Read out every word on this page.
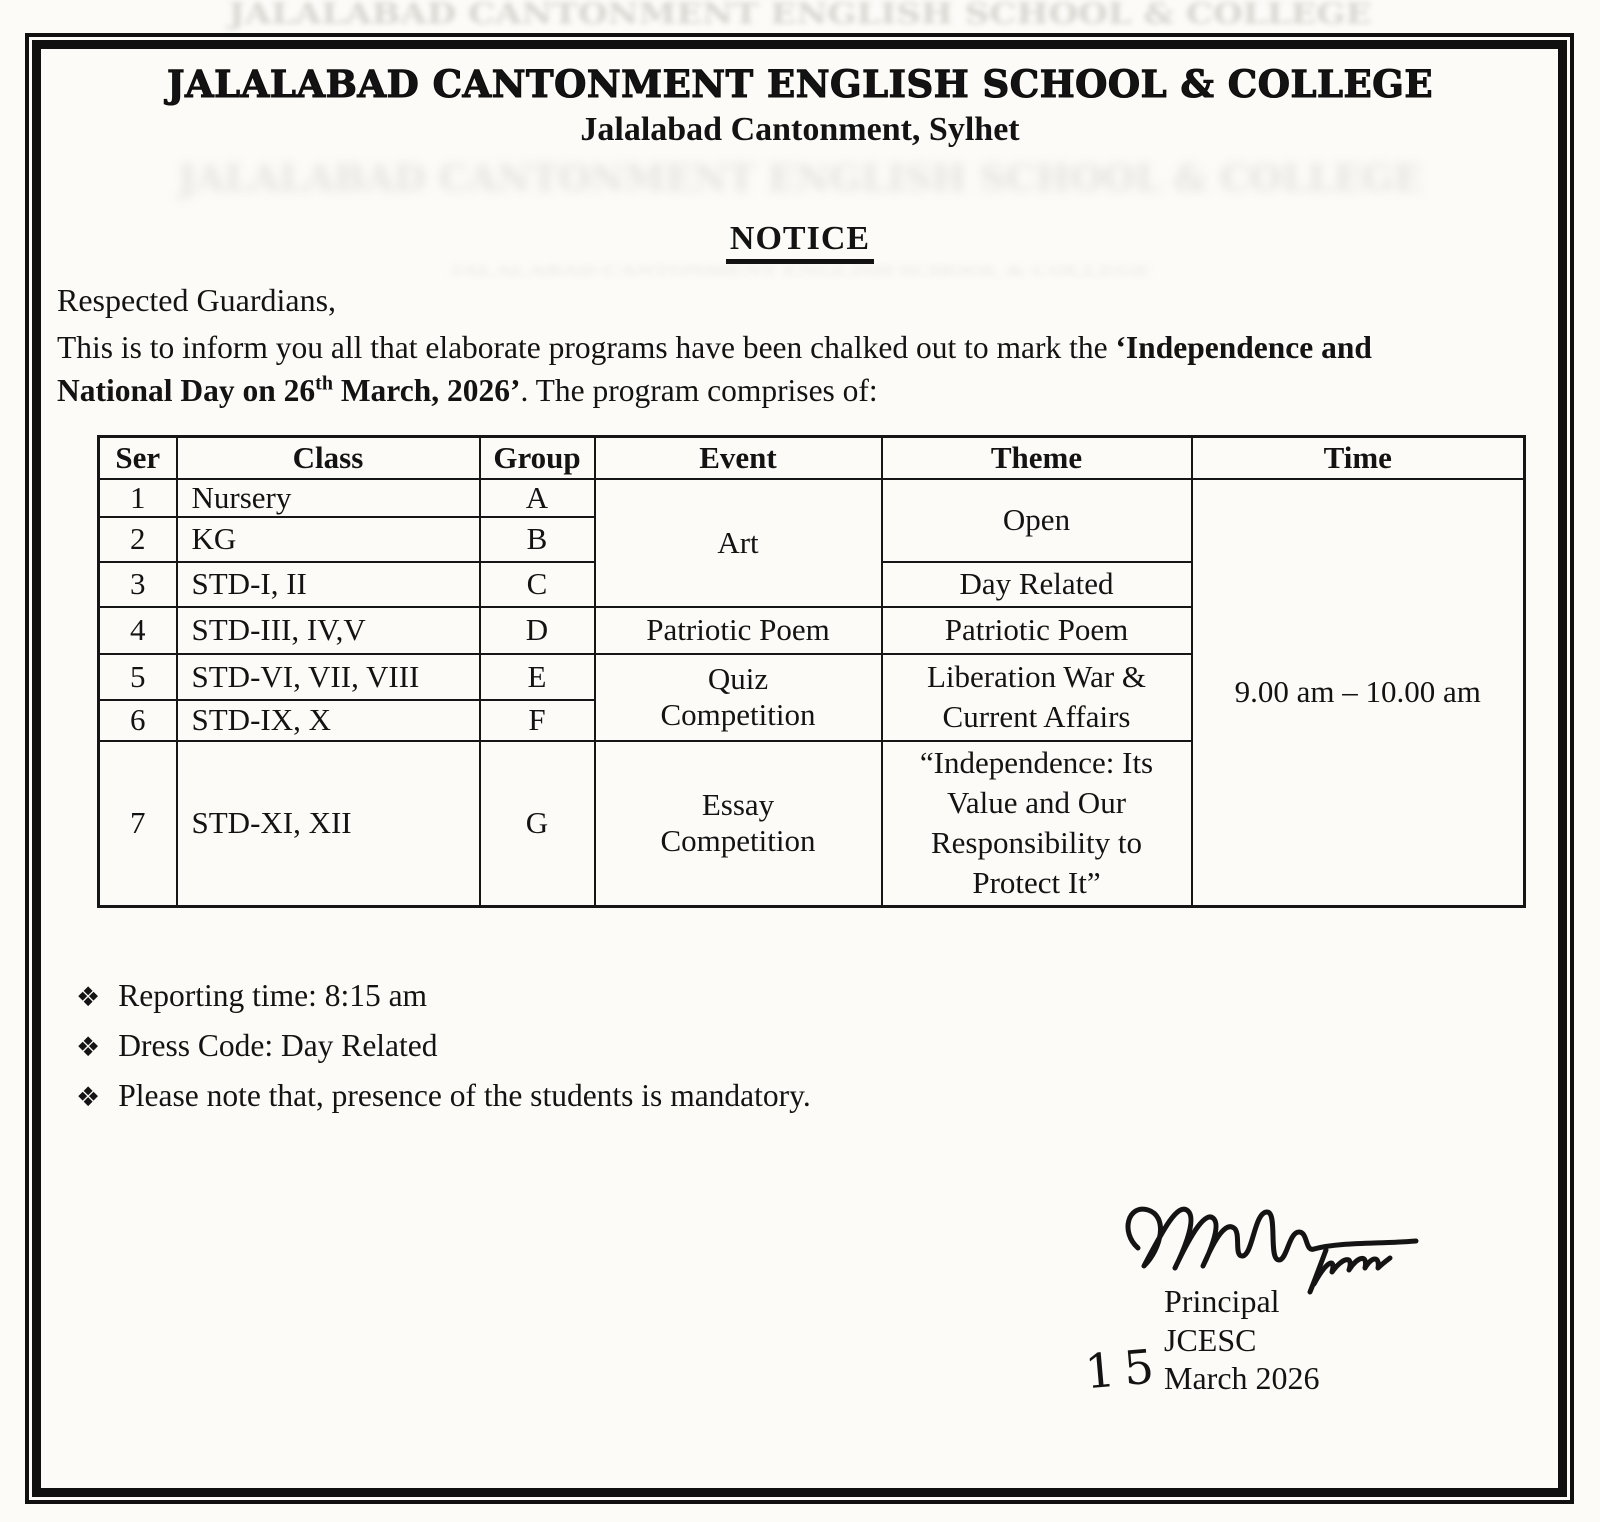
JALALABAD CANTONMENT ENGLISH SCHOOL & COLLEGE
JALALABAD CANTONMENT ENGLISH SCHOOL & COLLEGE
Jalalabad Cantonment, Sylhet
JALALABAD CANTONMENT ENGLISH SCHOOL & COLLEGE
NOTICE
JALALABAD CANTONMENT ENGLISH SCHOOL & COLLEGE
Respected Guardians,
This is to inform you all that elaborate programs have been chalked out to mark the ‘Independence and
National Day on 26th March, 2026’. The program comprises of:
Ser	Class	Group	Event	Theme	Time
1	Nursery	A	Art	Open	9.00 am – 10.00 am
2	KG	B			
3	STD-I, II	C		Day Related	
4	STD-III, IV,V	D	Patriotic Poem	Patriotic Poem	
5	STD-VI, VII, VIII	E	Quiz Competition	Liberation War & Current Affairs	
6	STD-IX, X	F			
7	STD-XI, XII	G	Essay Competition	“Independence: Its Value and Our Responsibility to Protect It”	
❖ Reporting time: 8:15 am
❖ Dress Code: Day Related
❖ Please note that, presence of the students is mandatory.
Principal
JCESC
March 2026
15
